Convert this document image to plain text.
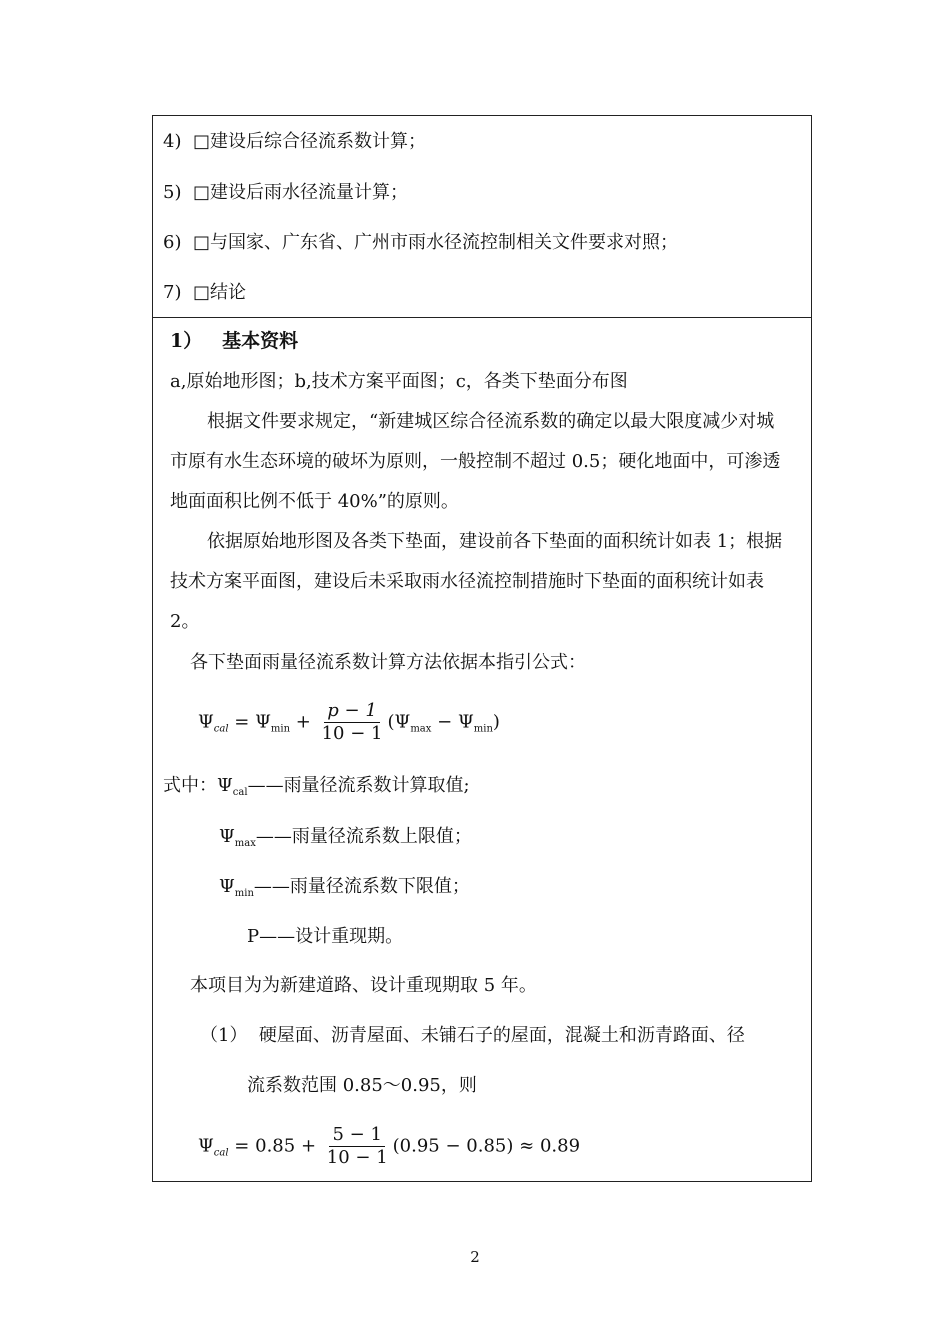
4) □建设后综合径流系数计算；
5) □建设后雨水径流量计算；
6) □与国家、广东省、广州市雨水径流控制相关文件要求对照；
7) □结论
1） 基本资料
a,原始地形图；b,技术方案平面图；c，各类下垫面分布图
根据文件要求规定，“新建城区综合径流系数的确定以最大限度减少对城
市原有水生态环境的破坏为原则，一般控制不超过 0.5；硬化地面中，可渗透
地面面积比例不低于 40%”的原则。
依据原始地形图及各类下垫面，建设前各下垫面的面积统计如表 1；根据
技术方案平面图，建设后未采取雨水径流控制措施时下垫面的面积统计如表
2。
各下垫面雨量径流系数计算方法依据本指引公式：
$\Psi_{cal} = \Psi_{min} + \frac{p - 1}{10 - 1} (\Psi_{max} - \Psi_{min})$
式中：$\Psi_{cal}——$雨量径流系数计算取值;
$\Psi_{max}——$雨量径流系数上限值；
$\Psi_{min}——$雨量径流系数下限值；
P——设计重现期。
本项目为为新建道路、设计重现期取 5 年。
（1） 硬屋面、沥青屋面、未铺石子的屋面，混凝土和沥青路面、径
流系数范围 0.85～0.95，则
$\Psi_{cal} = 0.85 + \frac{5 - 1}{10 - 1} (0.95 - 0.85) \approx 0.89$
2
